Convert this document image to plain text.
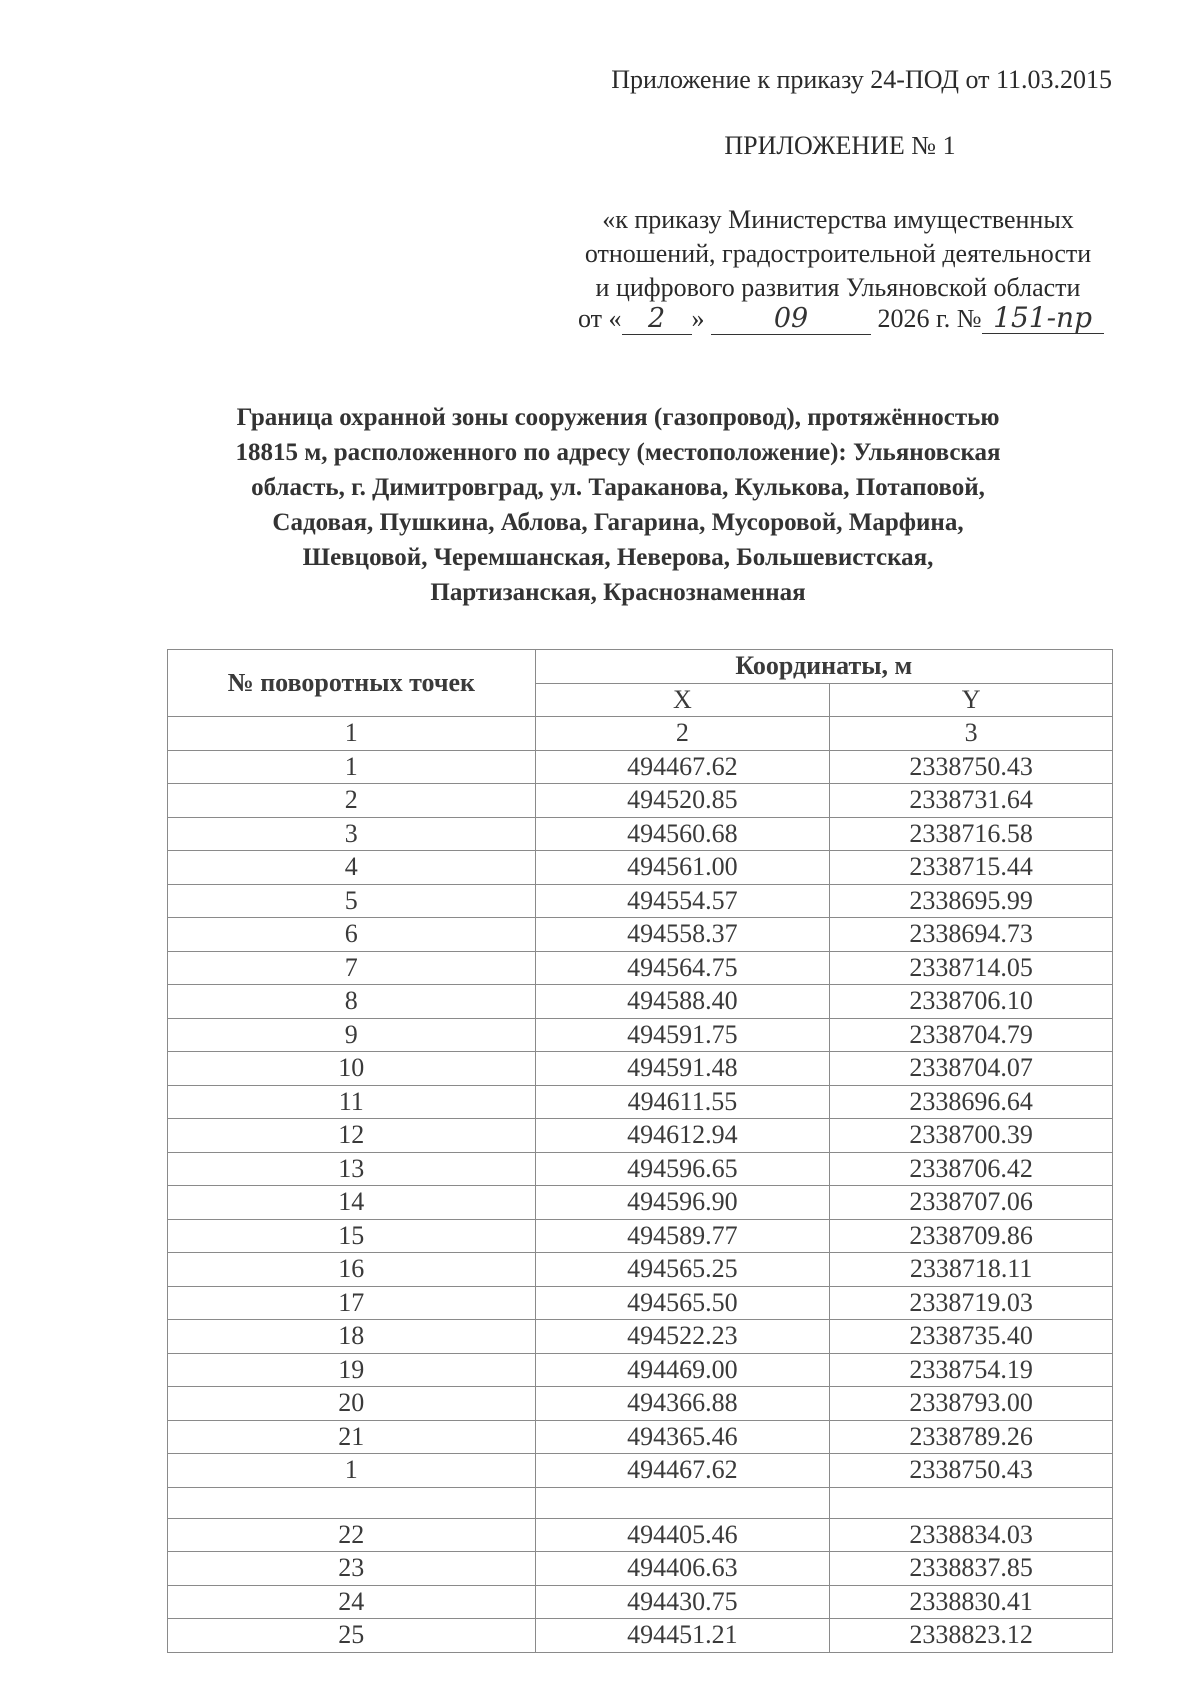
Приложение к приказу 24-ПОД от 11.03.2015
ПРИЛОЖЕНИЕ № 1
«к приказу Министерства имущественных
отношений, градостроительной деятельности
и цифрового развития Ульяновской области
от « 2 »	09	2026 г. № 151-пр
Граница охранной зоны сооружения (газопровод), протяжённостью
18815 м, расположенного по адресу (местоположение): Ульяновская
область, г. Димитровград, ул. Тараканова, Кулькова, Потаповой,
Садовая, Пушкина, Аблова, Гагарина, Мусоровой, Марфина,
Шевцовой, Черемшанская, Неверова, Большевистская,
Партизанская, Краснознаменная
№ поворотных точек	Координаты, м	
	X	Y
1	2	3
1	494467.62	2338750.43
2	494520.85	2338731.64
3	494560.68	2338716.58
4	494561.00	2338715.44
5	494554.57	2338695.99
6	494558.37	2338694.73
7	494564.75	2338714.05
8	494588.40	2338706.10
9	494591.75	2338704.79
10	494591.48	2338704.07
11	494611.55	2338696.64
12	494612.94	2338700.39
13	494596.65	2338706.42
14	494596.90	2338707.06
15	494589.77	2338709.86
16	494565.25	2338718.11
17	494565.50	2338719.03
18	494522.23	2338735.40
19	494469.00	2338754.19
20	494366.88	2338793.00
21	494365.46	2338789.26
1	494467.62	2338750.43

22	494405.46	2338834.03
23	494406.63	2338837.85
24	494430.75	2338830.41
25	494451.21	2338823.12
